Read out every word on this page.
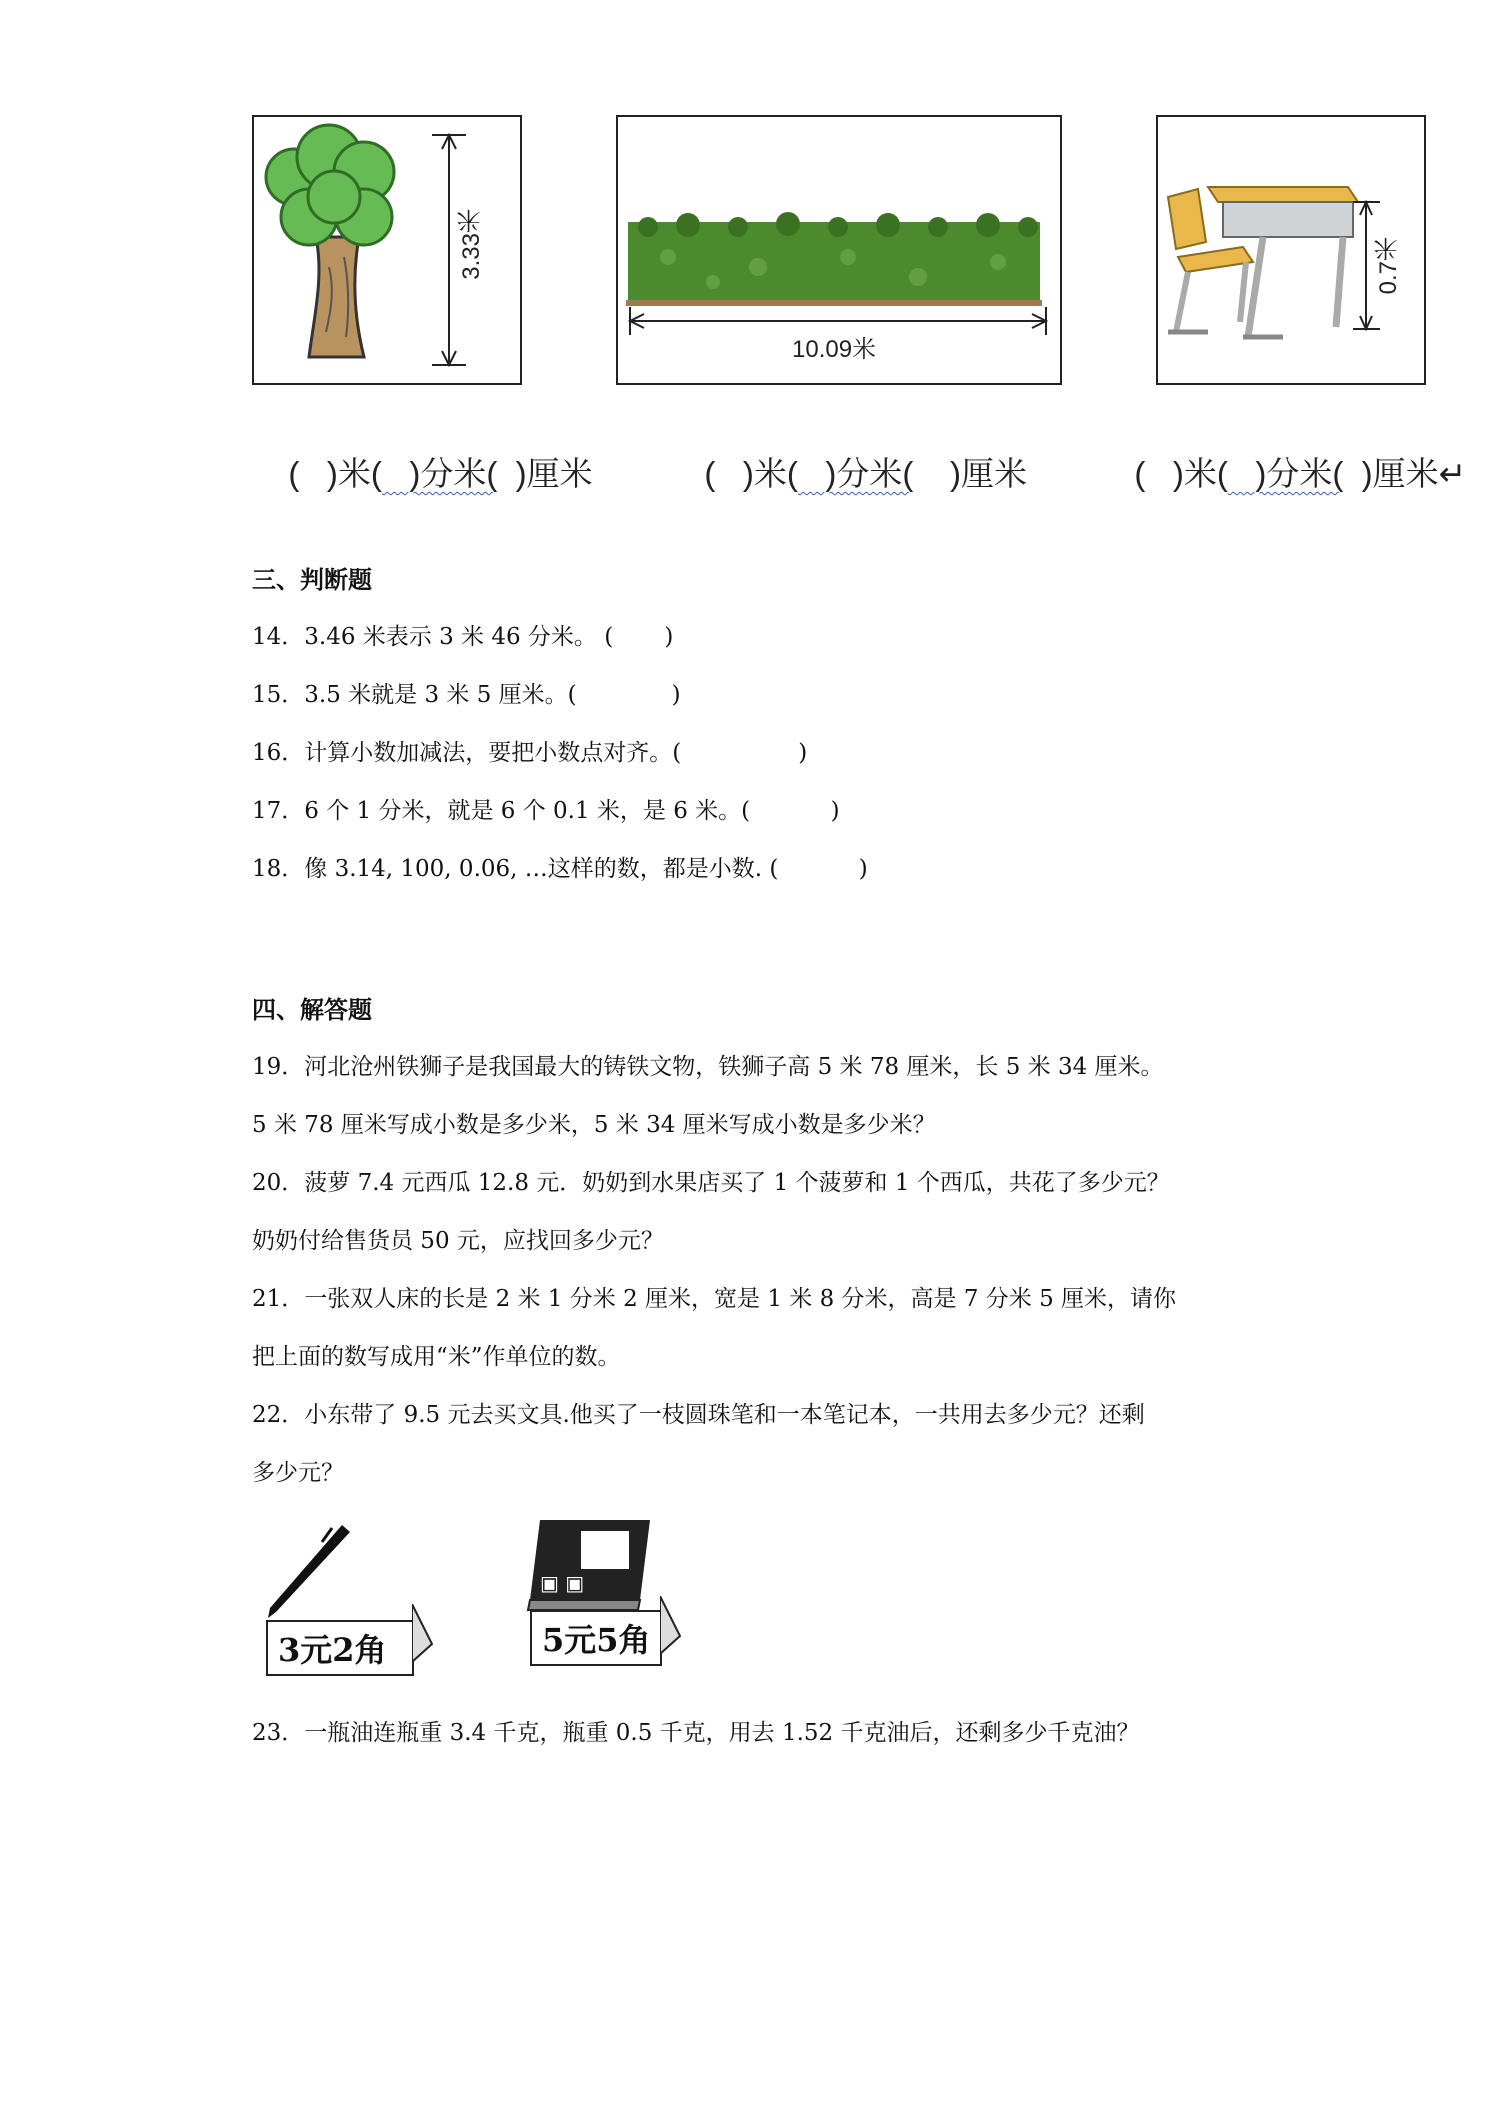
3.33米
10.09米
0.7米

(   )米(   )分米(  )厘米	(   )米(   )分米(    )厘米	(   )米(   )分米(  )厘米↵

三、判断题
14．3.46 米表示 3 米 46 分米。 (       )
15．3.5 米就是 3 米 5 厘米。(             )
16．计算小数加减法，要把小数点对齐。(                )
17．6 个 1 分米，就是 6 个 0.1 米，是 6 米。(           )
18．像 3.14, 100, 0.06, …这样的数，都是小数. (           )
四、解答题
19．河北沧州铁狮子是我国最大的铸铁文物，铁狮子高 5 米 78 厘米，长 5 米 34 厘米。
5 米 78 厘米写成小数是多少米，5 米 34 厘米写成小数是多少米？
20．菠萝 7.4 元西瓜 12.8 元．奶奶到水果店买了 1 个菠萝和 1 个西瓜，共花了多少元？
奶奶付给售货员 50 元，应找回多少元？
21．一张双人床的长是 2 米 1 分米 2 厘米，宽是 1 米 8 分米，高是 7 分米 5 厘米，请你
把上面的数写成用“米”作单位的数。
22．小东带了 9.5 元去买文具.他买了一枝圆珠笔和一本笔记本，一共用去多少元？还剩
多少元？
3元2角
▣ ▣
5元5角
23．一瓶油连瓶重 3.4 千克，瓶重 0.5 千克，用去 1.52 千克油后，还剩多少千克油？
